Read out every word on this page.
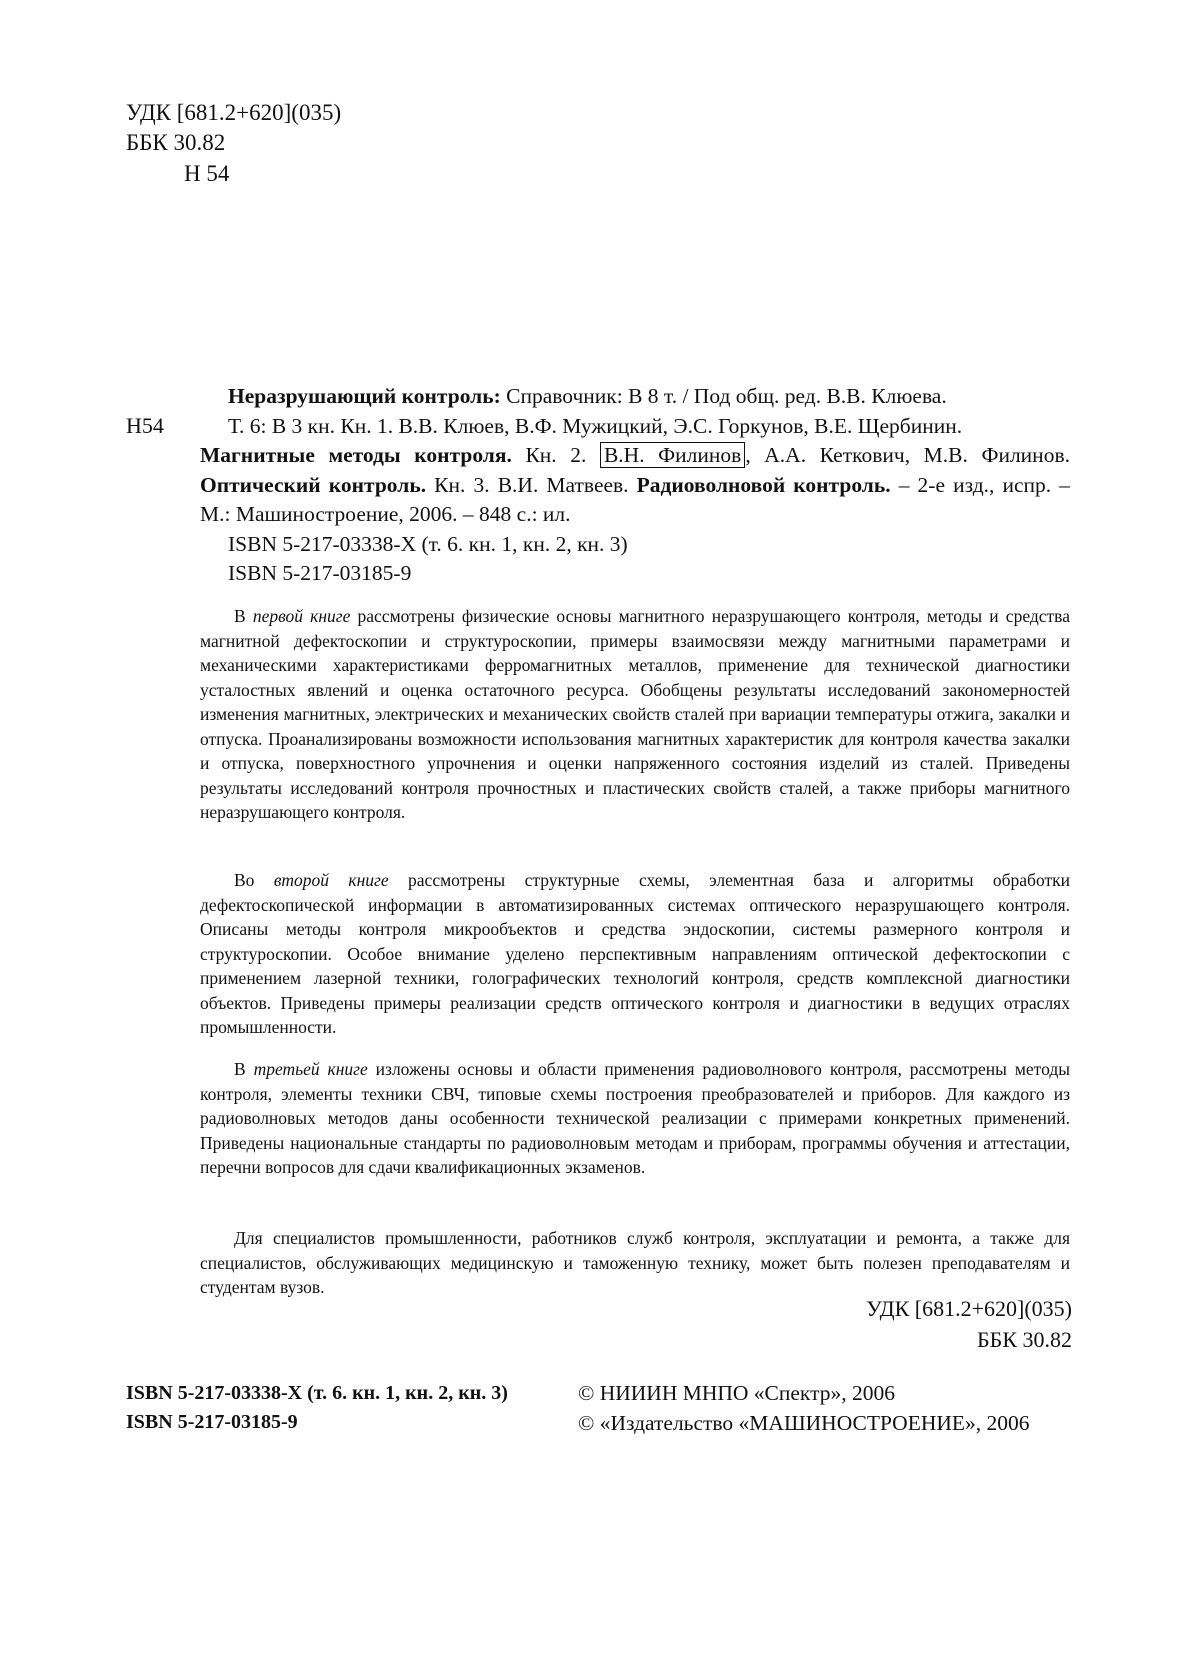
УДК [681.2+620](035)
ББК 30.82
Н 54
Н54

Неразрушающий контроль: Справочник: В 8 т. / Под общ. ред. В.В. Клюева.

Т. 6: В 3 кн. Кн. 1. В.В. Клюев, В.Ф. Мужицкий, Э.С. Горкунов, В.Е. Щербинин.

Магнитные методы контроля. Кн. 2. В.Н. Филинов , А.А. Кеткович, М.В. Филинов. Оптический контроль. Кн. 3. В.И. Матвеев. Радиоволновой контроль. – 2-е изд., испр. – М.: Машиностроение, 2006. – 848 с.: ил.

ISBN 5-217-03338-X (т. 6. кн. 1, кн. 2, кн. 3)

ISBN 5-217-03185-9

В первой книге рассмотрены физические основы магнитного неразрушающего контроля, методы и средства магнитной дефектоскопии и структуроскопии, примеры взаимосвязи между магнитными параметрами и механическими характеристиками ферромагнитных металлов, применение для технической диагностики усталостных явлений и оценка остаточного ресурса. Обобщены результаты исследований закономерностей изменения магнитных, электрических и механических свойств сталей при вариации температуры отжига, закалки и отпуска. Проанализированы возможности использования магнитных характеристик для контроля качества закалки и отпуска, поверхностного упрочнения и оценки напряженного состояния изделий из сталей. Приведены результаты исследований контроля прочностных и пластических свойств сталей, а также приборы магнитного неразрушающего контроля.

Во второй книге рассмотрены структурные схемы, элементная база и алгоритмы обработки дефектоскопической информации в автоматизированных системах оптического неразрушающего контроля. Описаны методы контроля микрообъектов и средства эндоскопии, системы размерного контроля и структуроскопии. Особое внимание уделено перспективным направлениям оптической дефектоскопии с применением лазерной техники, голографических технологий контроля, средств комплексной диагностики объектов. Приведены примеры реализации средств оптического контроля и диагностики в ведущих отраслях промышленности.

В третьей книге изложены основы и области применения радиоволнового контроля, рассмотрены методы контроля, элементы техники СВЧ, типовые схемы построения преобразователей и приборов. Для каждого из радиоволновых методов даны особенности технической реализации с примерами конкретных применений. Приведены национальные стандарты по радиоволновым методам и приборам, программы обучения и аттестации, перечни вопросов для сдачи квалификационных экзаменов.

Для специалистов промышленности, работников служб контроля, эксплуатации и ремонта, а также для специалистов, обслуживающих медицинскую и таможенную технику, может быть полезен преподавателям и студентам вузов.

УДК [681.2+620](035)
ББК 30.82
ISBN 5-217-03338-X (т. 6. кн. 1, кн. 2, кн. 3)
ISBN 5-217-03185-9
© НИИИН МНПО «Спектр», 2006
© «Издательство «МАШИНОСТРОЕНИЕ», 2006
